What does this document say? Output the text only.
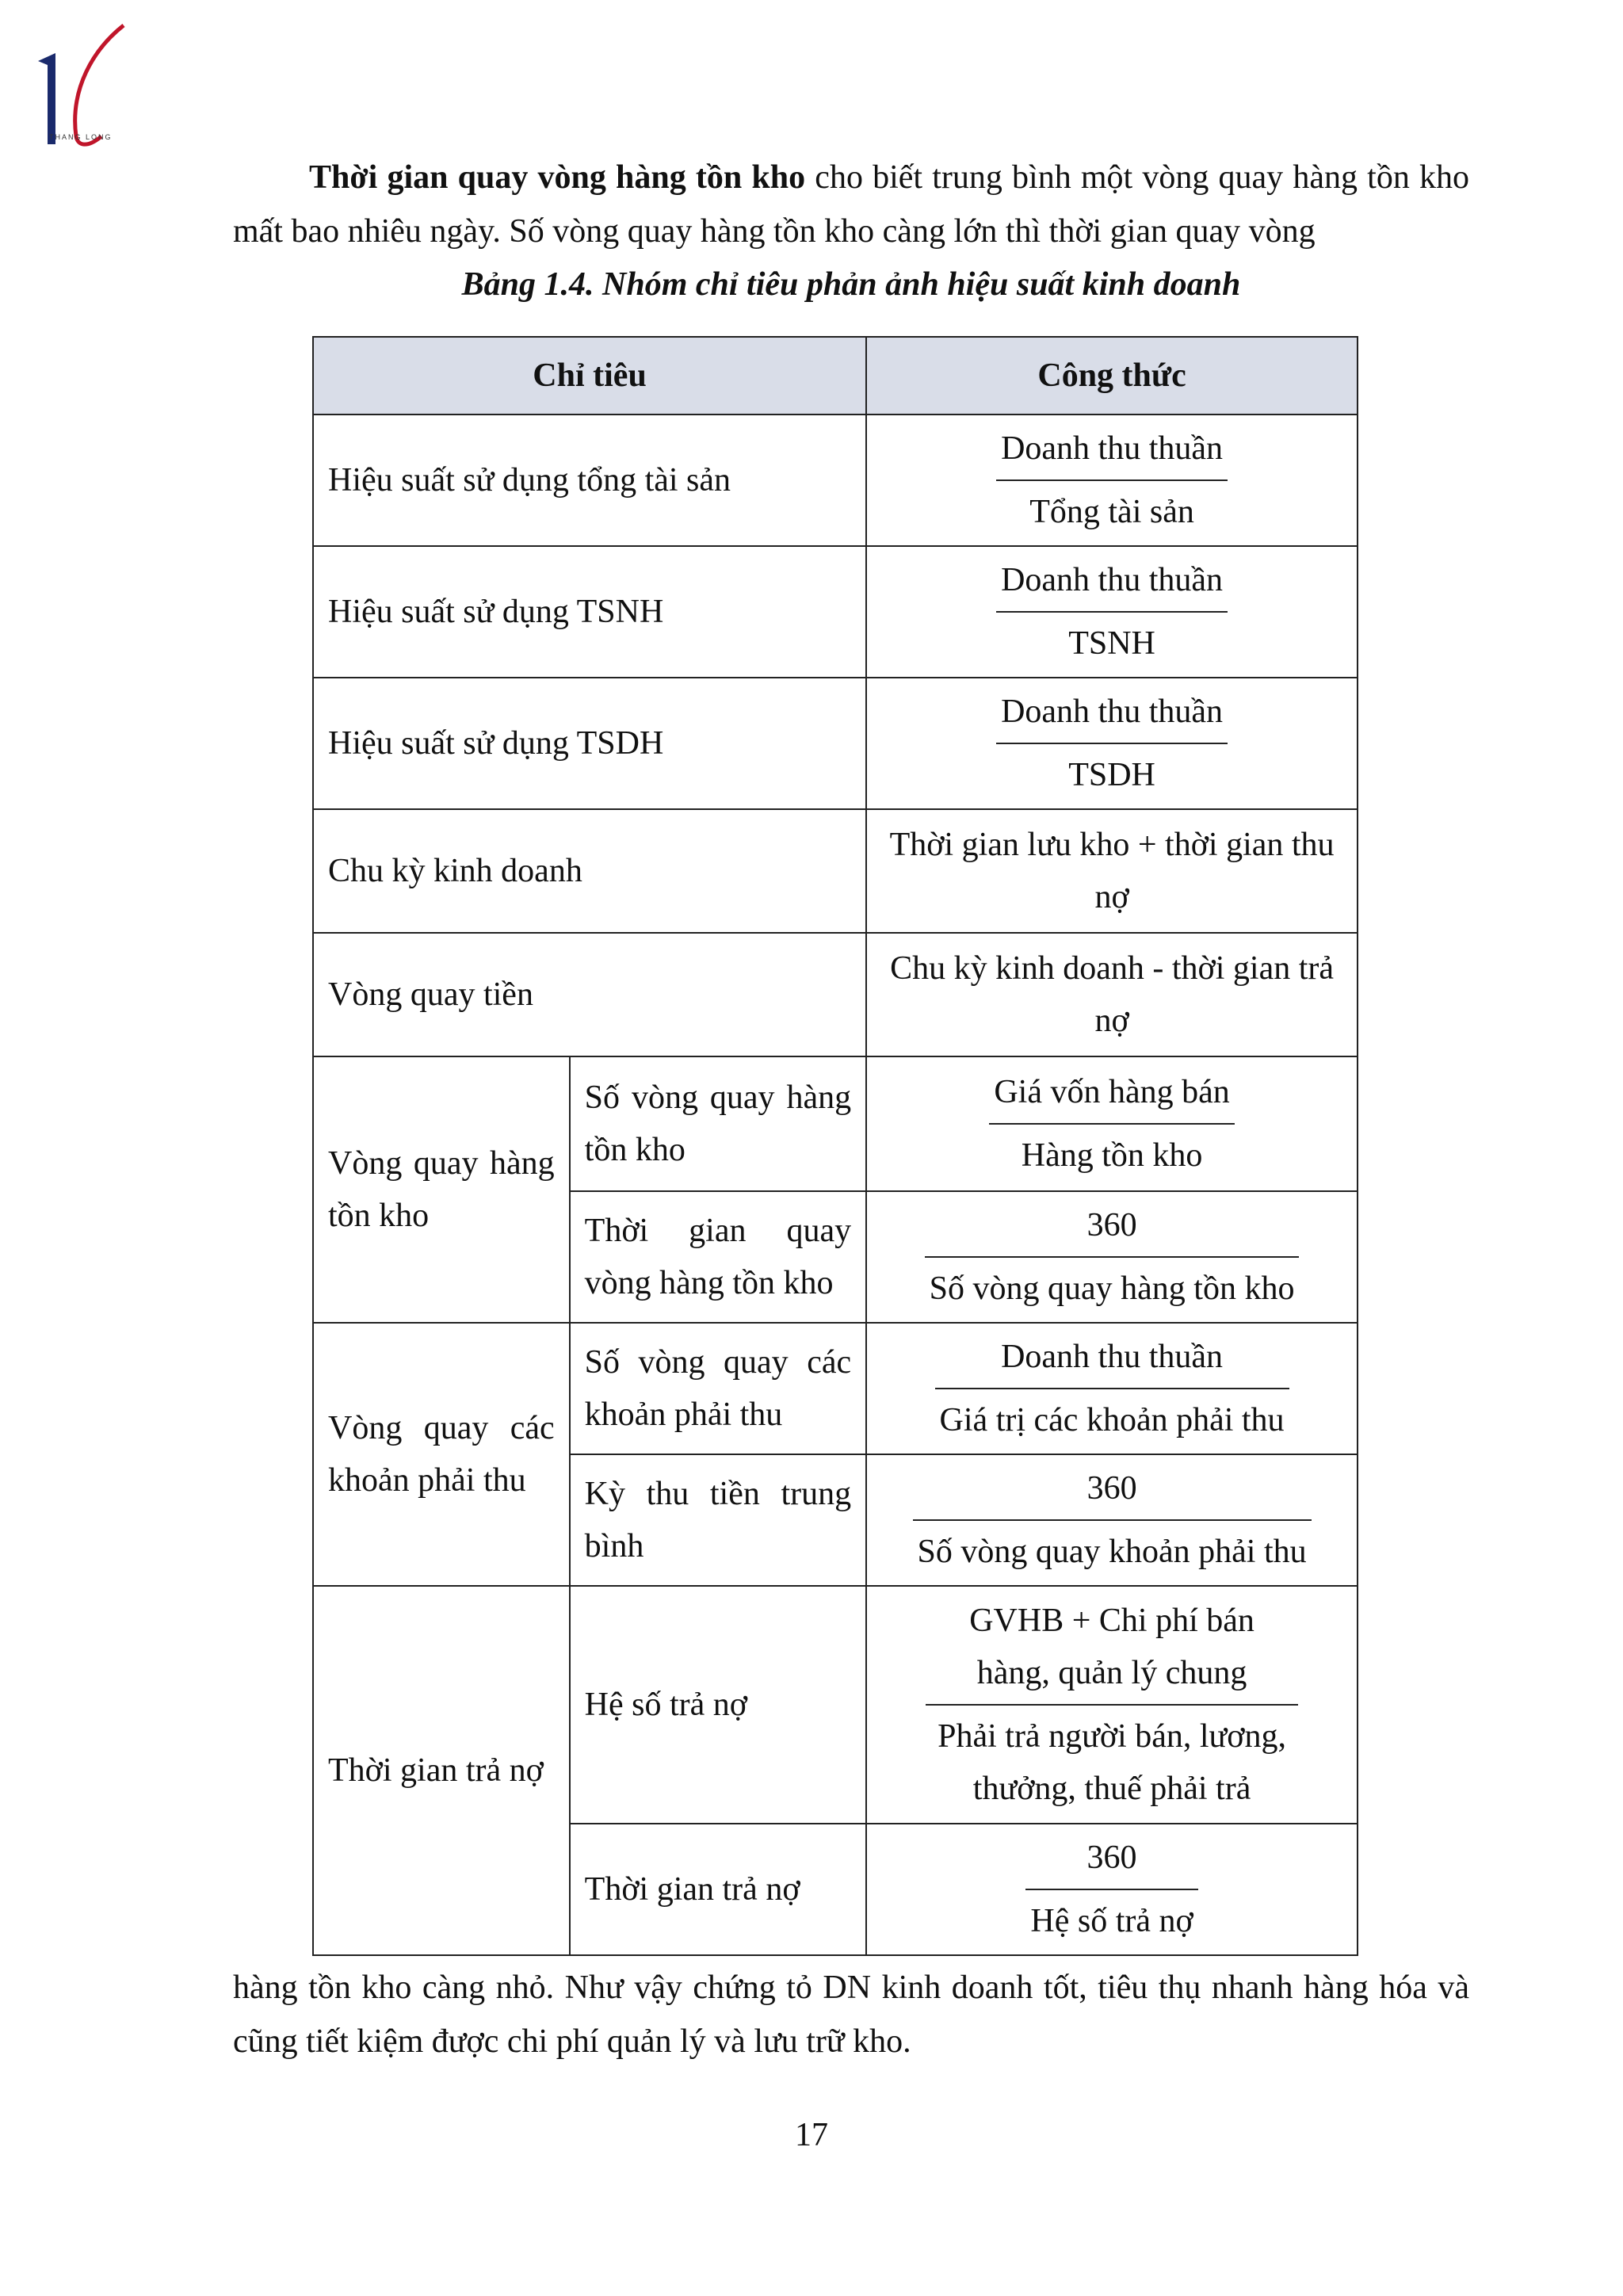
THANG LONG

Thời gian quay vòng hàng tồn kho cho biết trung bình một vòng quay hàng tồn kho mất bao nhiêu ngày. Số vòng quay hàng tồn kho càng lớn thì thời gian quay vòng

Bảng 1.4. Nhóm chỉ tiêu phản ảnh hiệu suất kinh doanh
Chỉ tiêu		Công thức
Hiệu suất sử dụng tổng tài sản		$\frac{\text{Doanh thu thuần}}{\text{Tổng tài sản}}$

Hiệu suất sử dụng TSNH		$\frac{\text{Doanh thu thuần}}{\text{TSNH}}$

Hiệu suất sử dụng TSDH		$\frac{\text{Doanh thu thuần}}{\text{TSDH}}$

Chu kỳ kinh doanh		Thời gian lưu kho + thời gian thu nợ
Vòng quay tiền		Chu kỳ kinh doanh - thời gian trả nợ
Vòng quay hàng tồn kho	Số vòng quay hàng tồn kho	$\frac{\text{Giá vốn hàng bán}}{\text{Hàng tồn kho}}$

	Thời gian quay vòng hàng tồn kho	$\frac{360}{\text{Số vòng quay hàng tồn kho}}$

Vòng quay các khoản phải thu	Số vòng quay các khoản phải thu	$\frac{\text{Doanh thu thuần}}{\text{Giá trị các khoản phải thu}}$

	Kỳ thu tiền trung bình	$\frac{360}{\text{Số vòng quay khoản phải thu}}$

Thời gian trả nợ	Hệ số trả nợ	$\frac{\text{GVHB + Chi phí bán hàng, quản lý chung}}{\text{Phải trả người bán, lương, thưởng, thuế phải trả}}$

	Thời gian trả nợ	$\frac{360}{\text{Hệ số trả nợ}}$

hàng tồn kho càng nhỏ. Như vậy chứng tỏ DN kinh doanh tốt, tiêu thụ nhanh hàng hóa và cũng tiết kiệm được chi phí quản lý và lưu trữ kho.

17
